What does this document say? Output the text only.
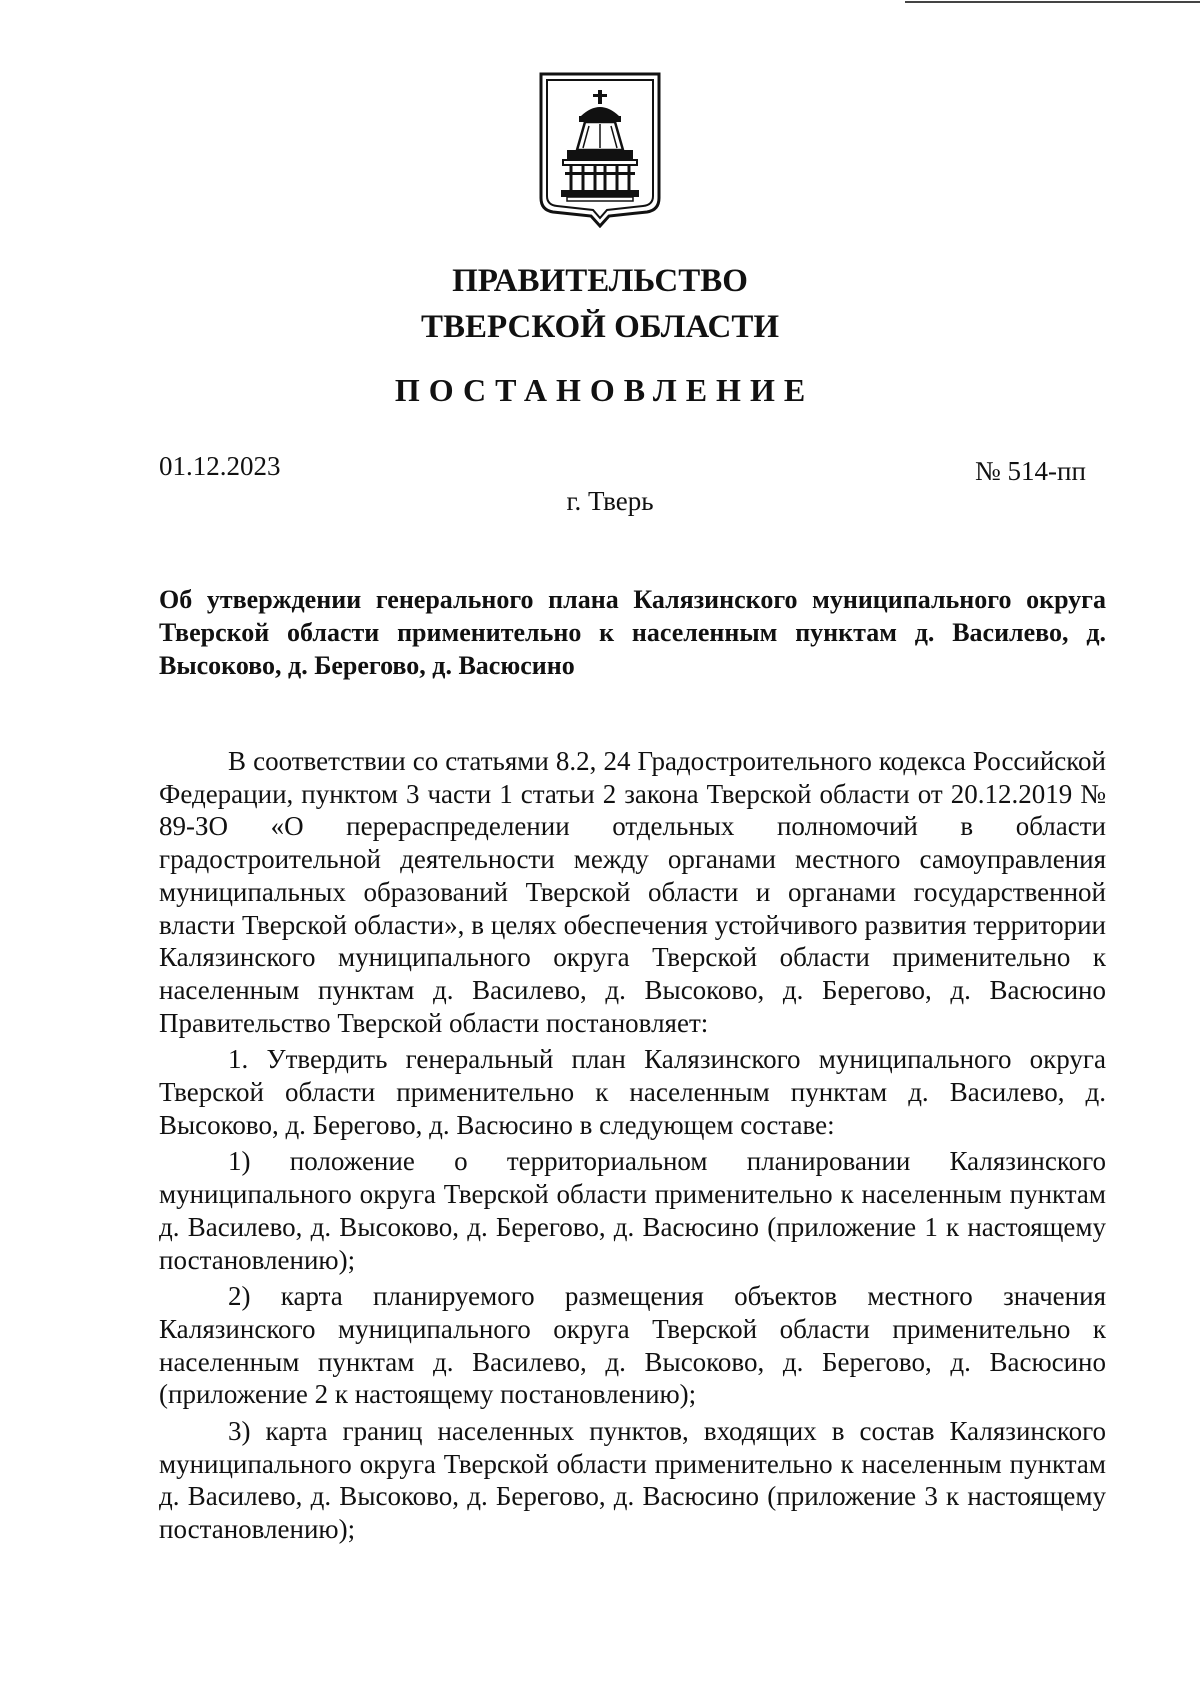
ПРАВИТЕЛЬСТВО
ТВЕРСКОЙ ОБЛАСТИ
ПОСТАНОВЛЕНИЕ
01.12.2023	№ 514-пп
г. Тверь
Об утверждении генерального плана Калязинского муниципального округа Тверской области применительно к населенным пунктам д. Василево, д. Высоково, д. Берегово, д. Васюсино

В соответствии со статьями 8.2, 24 Градостроительного кодекса Российской Федерации, пунктом 3 части 1 статьи 2 закона Тверской области от 20.12.2019 № 89-ЗО «О перераспределении отдельных полномочий в области градостроительной деятельности между органами местного самоуправления муниципальных образований Тверской области и органами государственной власти Тверской области», в целях обеспечения устойчивого развития территории Калязинского муниципального округа Тверской области применительно к населенным пунктам д. Василево, д. Высоково, д. Берегово, д. Васюсино Правительство Тверской области постановляет:

1. Утвердить генеральный план Калязинского муниципального округа Тверской области применительно к населенным пунктам д. Василево, д. Высоково, д. Берегово, д. Васюсино в следующем составе:

1) положение о территориальном планировании Калязинского муниципального округа Тверской области применительно к населенным пунктам д. Василево, д. Высоково, д. Берегово, д. Васюсино (приложение 1 к настоящему постановлению);

2) карта планируемого размещения объектов местного значения Калязинского муниципального округа Тверской области применительно к населенным пунктам д. Василево, д. Высоково, д. Берегово, д. Васюсино (приложение 2 к настоящему постановлению);

3) карта границ населенных пунктов, входящих в состав Калязинского муниципального округа Тверской области применительно к населенным пунктам д. Василево, д. Высоково, д. Берегово, д. Васюсино (приложение 3 к настоящему постановлению);
